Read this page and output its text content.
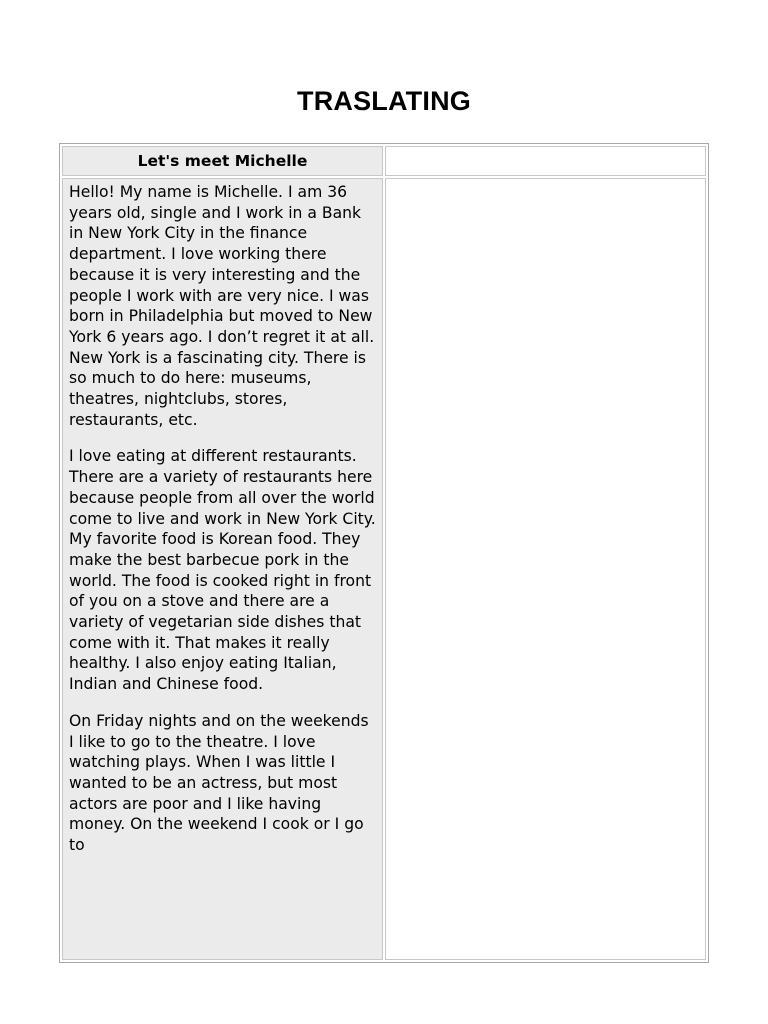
TRASLATING
Let's meet Michelle

Hello! My name is Michelle. I am 36 years old, single and I work in a Bank in New York City in the finance department. I love working there because it is very interesting and the people I work with are very nice. I was born in Philadelphia but moved to New York 6 years ago. I don’t regret it at all. New York is a fascinating city. There is so much to do here: museums, theatres, nightclubs, stores, restaurants, etc.

I love eating at different restaurants. There are a variety of restaurants here because people from all over the world come to live and work in New York City. My favorite food is Korean food. They make the best barbecue pork in the world. The food is cooked right in front of you on a stove and there are a variety of vegetarian side dishes that come with it. That makes it really healthy. I also enjoy eating Italian, Indian and Chinese food.

On Friday nights and on the weekends I like to go to the theatre. I love watching plays. When I was little I wanted to be an actress, but most actors are poor and I like having money. On the weekend I cook or I go to
